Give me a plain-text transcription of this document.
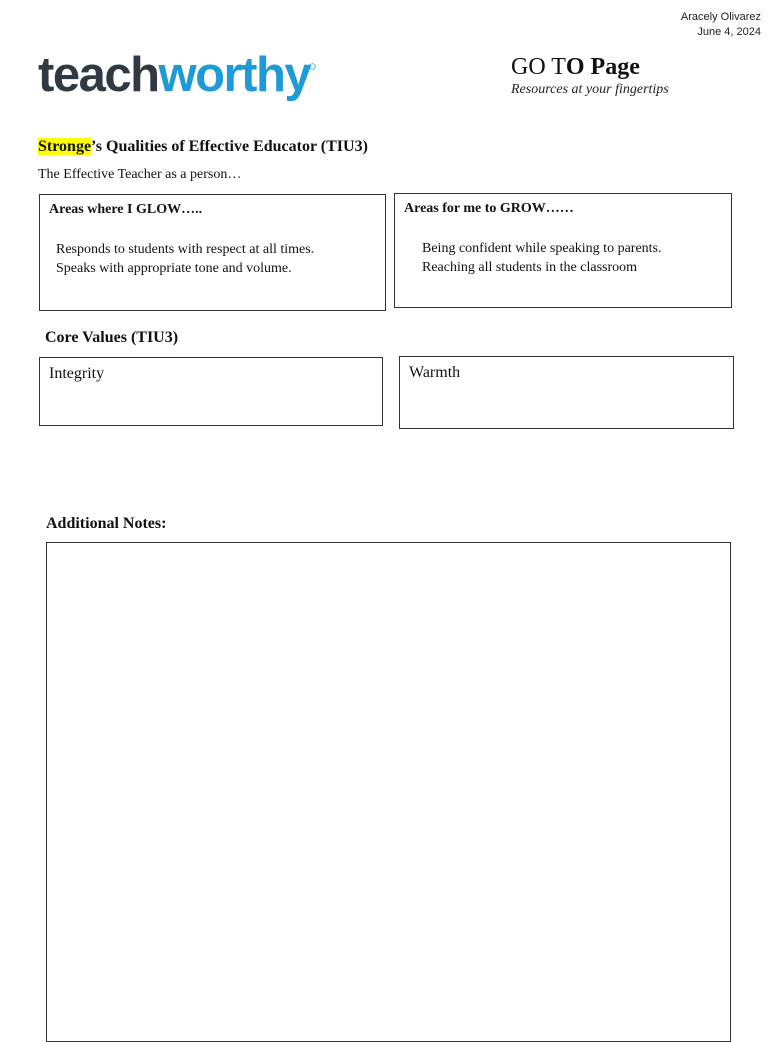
Aracely Olivarez
June 4, 2024
teachworthy	GO TO Page
Resources at your fingertips
Stronge’s Qualities of Effective Educator (TIU3)
The Effective Teacher as a person…
Areas where I GLOW…..
Responds to students with respect at all times.
Speaks with appropriate tone and volume.
Areas for me to GROW……
Being confident while speaking to parents.
Reaching all students in the classroom
Core Values (TIU3)
Integrity	Warmth
Additional Notes:
